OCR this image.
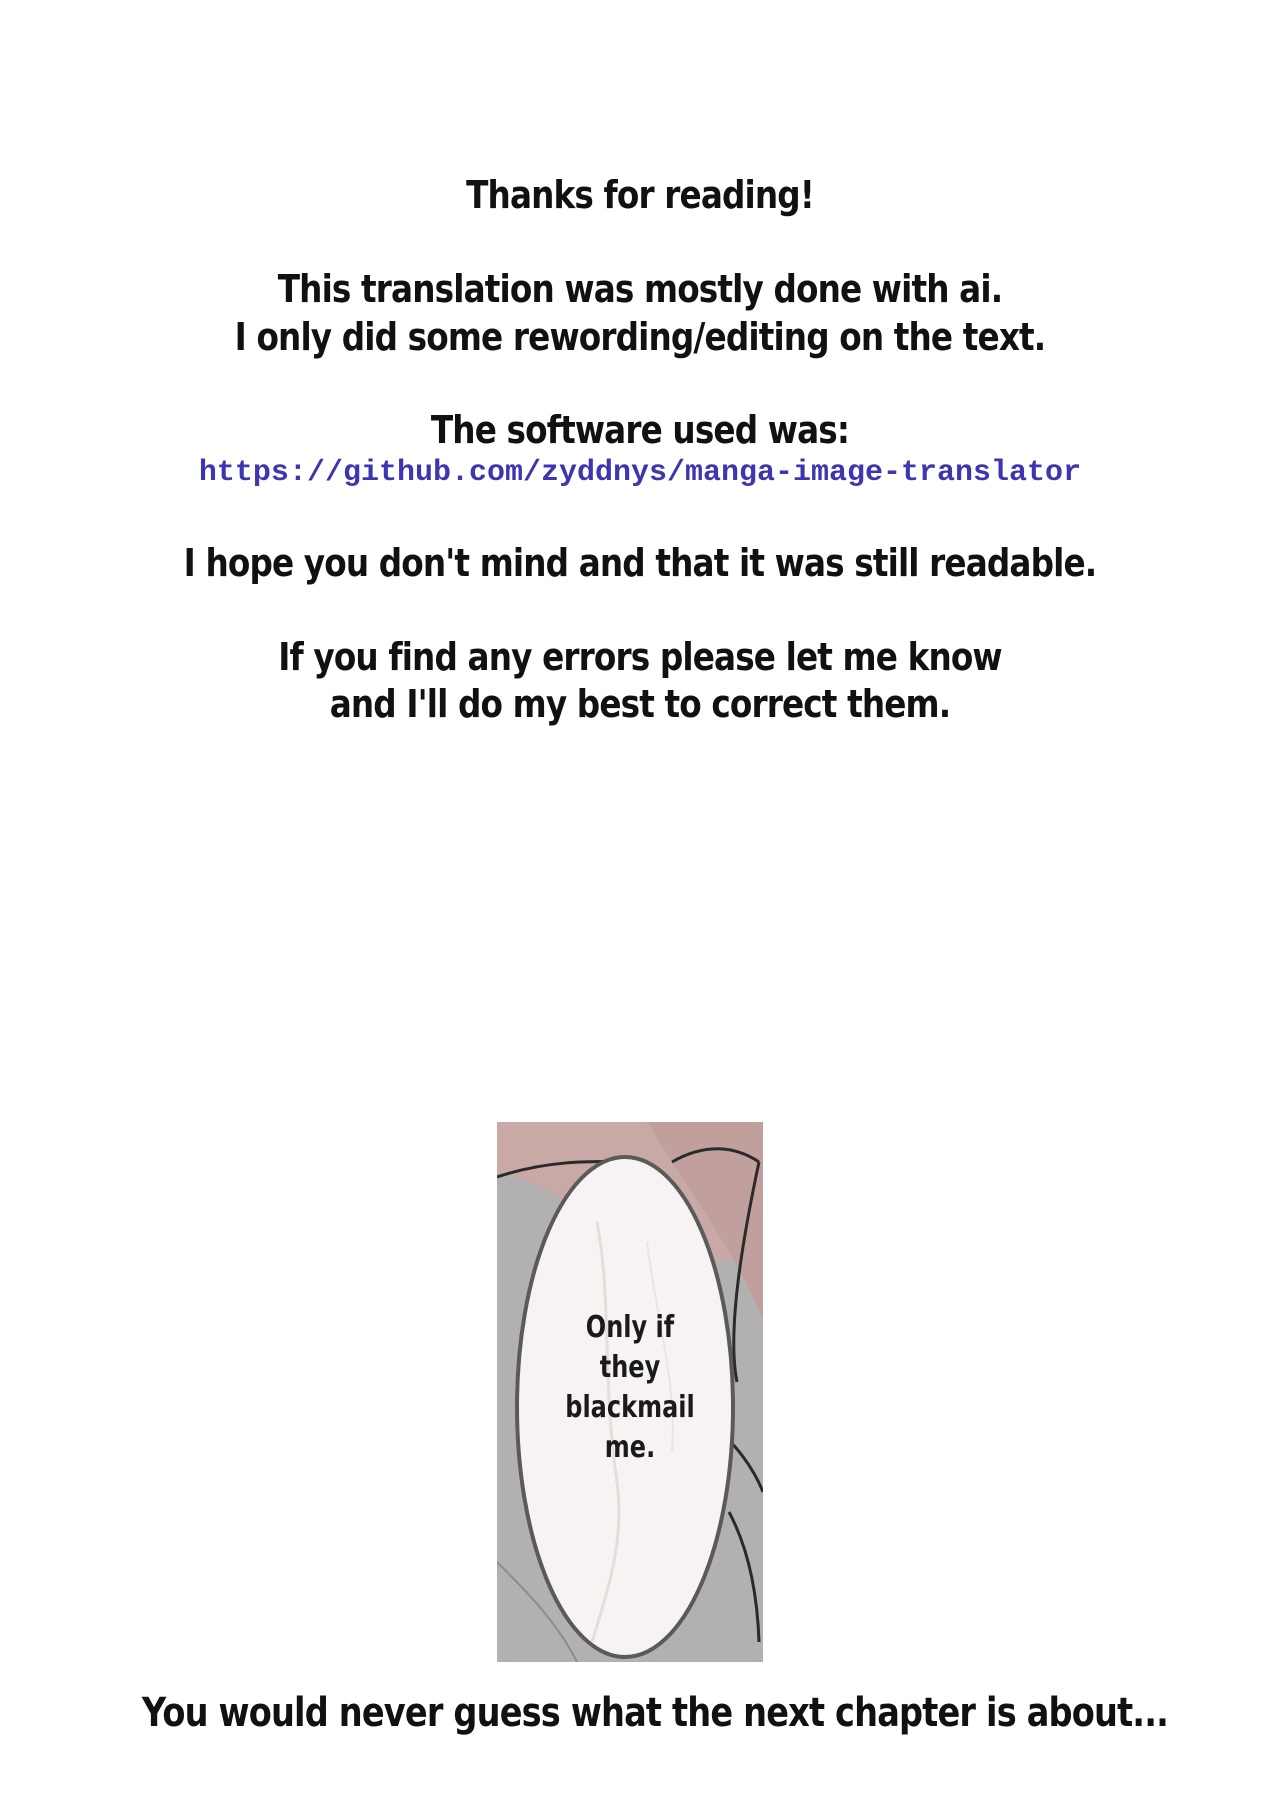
Thanks for reading!
This translation was mostly done with ai.
I only did some rewording/editing on the text.
The software used was:
https://github.com/zyddnys/manga-image-translator
I hope you don't mind and that it was still readable.
If you find any errors please let me know
and I'll do my best to correct them.
Only if
they
blackmail
me.
You would never guess what the next chapter is about...
